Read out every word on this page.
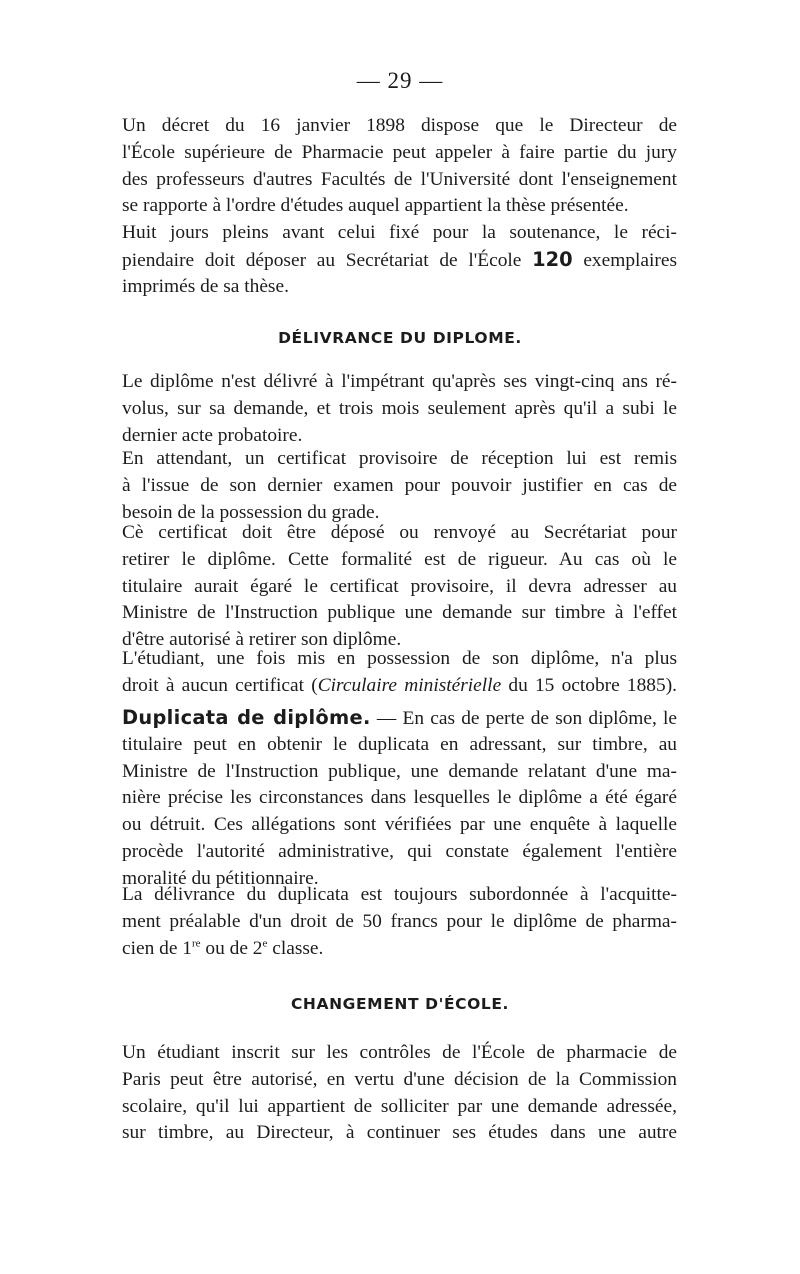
— 29 —
Un décret du 16 janvier 1898 dispose que le Directeur de
l'École supérieure de Pharmacie peut appeler à faire partie du jury
des professeurs d'autres Facultés de l'Université dont l'enseignement
se rapporte à l'ordre d'études auquel appartient la thèse présentée.
Huit jours pleins avant celui fixé pour la soutenance, le réci-
piendaire doit déposer au Secrétariat de l'École 120 exemplaires
imprimés de sa thèse.
DÉLIVRANCE DU DIPLOME.
Le diplôme n'est délivré à l'impétrant qu'après ses vingt-cinq ans ré-
volus, sur sa demande, et trois mois seulement après qu'il a subi le
dernier acte probatoire.
En attendant, un certificat provisoire de réception lui est remis
à l'issue de son dernier examen pour pouvoir justifier en cas de
besoin de la possession du grade.
Cè certificat doit être déposé ou renvoyé au Secrétariat pour
retirer le diplôme. Cette formalité est de rigueur. Au cas où le
titulaire aurait égaré le certificat provisoire, il devra adresser au
Ministre de l'Instruction publique une demande sur timbre à l'effet
d'être autorisé à retirer son diplôme.
L'étudiant, une fois mis en possession de son diplôme, n'a plus
droit à aucun certificat (Circulaire ministérielle du 15 octobre 1885).
Duplicata de diplôme. — En cas de perte de son diplôme, le
titulaire peut en obtenir le duplicata en adressant, sur timbre, au
Ministre de l'Instruction publique, une demande relatant d'une ma-
nière précise les circonstances dans lesquelles le diplôme a été égaré
ou détruit. Ces allégations sont vérifiées par une enquête à laquelle
procède l'autorité administrative, qui constate également l'entière
moralité du pétitionnaire.
La délivrance du duplicata est toujours subordonnée à l'acquitte-
ment préalable d'un droit de 50 francs pour le diplôme de pharma-
cien de 1re ou de 2e classe.
CHANGEMENT D'ÉCOLE.
Un étudiant inscrit sur les contrôles de l'École de pharmacie de
Paris peut être autorisé, en vertu d'une décision de la Commission
scolaire, qu'il lui appartient de solliciter par une demande adressée,
sur timbre, au Directeur, à continuer ses études dans une autre
